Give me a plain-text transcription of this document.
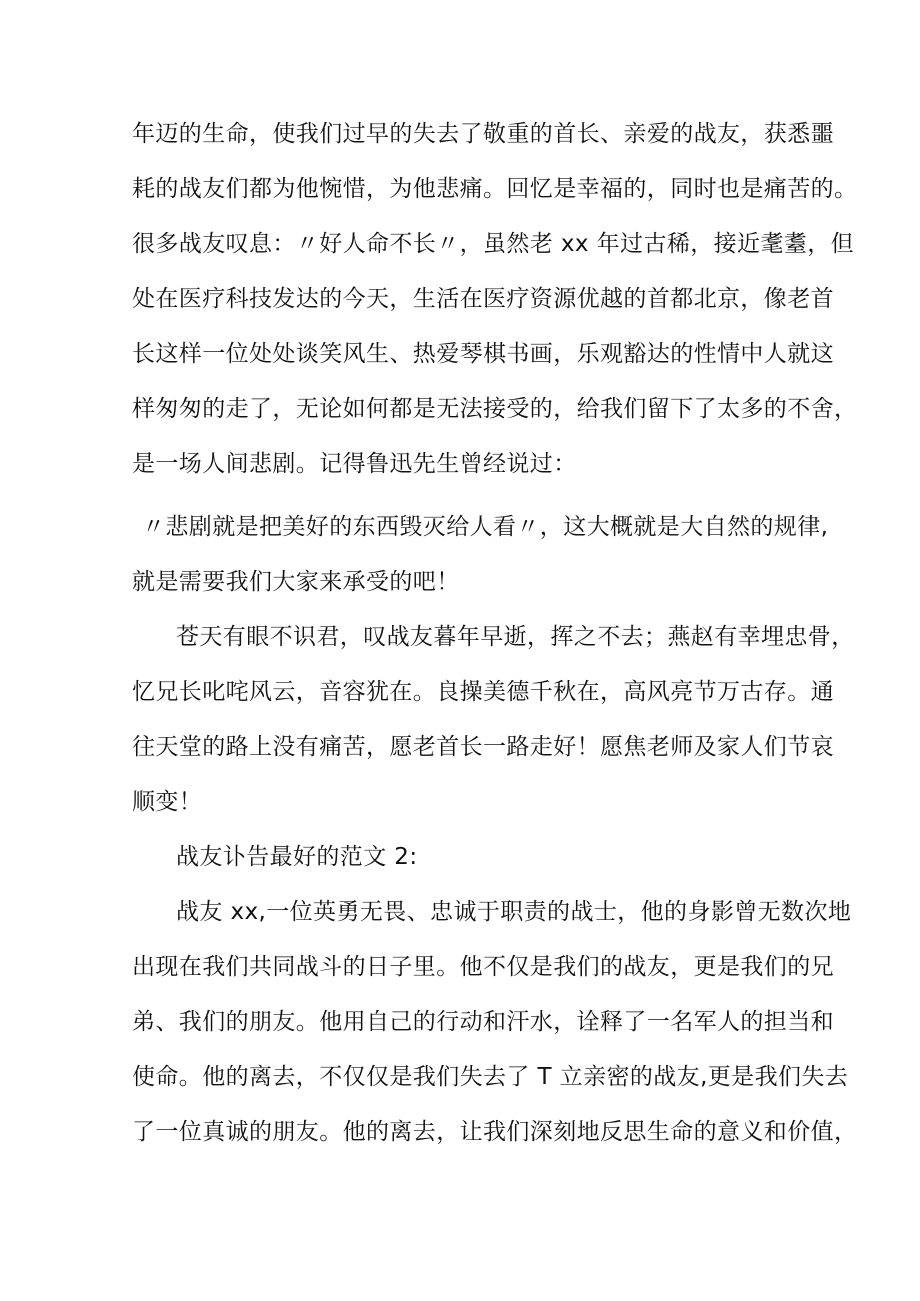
年迈的生命，使我们过早的失去了敬重的首长、亲爱的战友，获悉噩
耗的战友们都为他惋惜，为他悲痛。回忆是幸福的，同时也是痛苦的。
很多战友叹息：〃好人命不长〃，虽然老 xx 年过古稀，接近耄耋，但
处在医疗科技发达的今天，生活在医疗资源优越的首都北京，像老首
长这样一位处处谈笑风生、热爱琴棋书画，乐观豁达的性情中人就这
样匆匆的走了，无论如何都是无法接受的，给我们留下了太多的不舍，
是一场人间悲剧。记得鲁迅先生曾经说过：
〃悲剧就是把美好的东西毁灭给人看〃，这大概就是大自然的规律,
就是需要我们大家来承受的吧！
苍天有眼不识君，叹战友暮年早逝，挥之不去；燕赵有幸埋忠骨，
忆兄长叱咤风云，音容犹在。良操美德千秋在，高风亮节万古存。通
往天堂的路上没有痛苦，愿老首长一路走好！愿焦老师及家人们节哀
顺变！
战友讣告最好的范文 2:
战友 xx,一位英勇无畏、忠诚于职责的战士，他的身影曾无数次地
出现在我们共同战斗的日子里。他不仅是我们的战友，更是我们的兄
弟、我们的朋友。他用自己的行动和汗水，诠释了一名军人的担当和
使命。他的离去，不仅仅是我们失去了 T 立亲密的战友,更是我们失去
了一位真诚的朋友。他的离去，让我们深刻地反思生命的意义和价值，
